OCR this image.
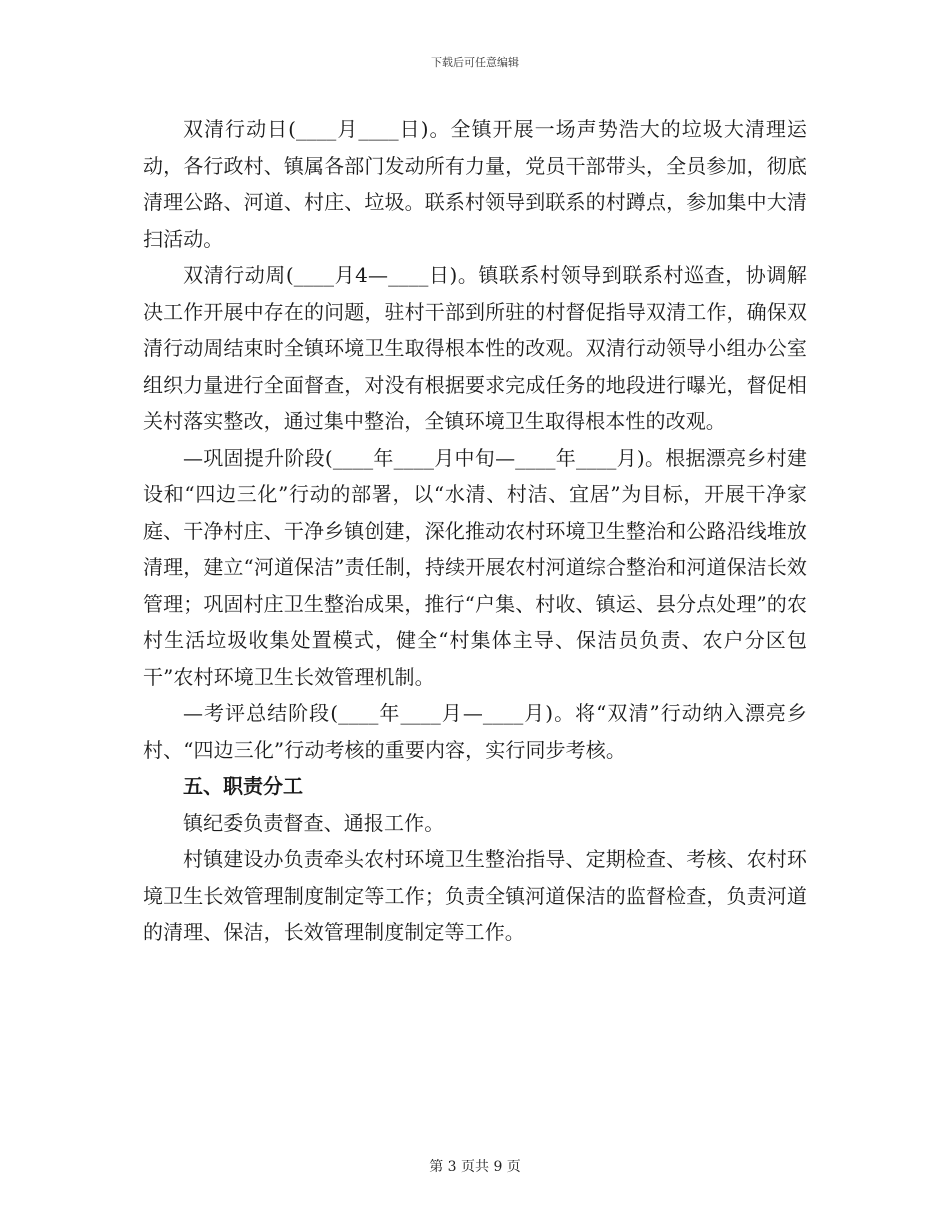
下载后可任意编辑

双清行动日(____月____日)。全镇开展一场声势浩大的垃圾大清理运动，各行政村、镇属各部门发动所有力量，党员干部带头，全员参加，彻底清理公路、河道、村庄、垃圾。联系村领导到联系的村蹲点，参加集中大清扫活动。

双清行动周(____月4—____日)。镇联系村领导到联系村巡查，协调解决工作开展中存在的问题，驻村干部到所驻的村督促指导双清工作，确保双清行动周结束时全镇环境卫生取得根本性的改观。双清行动领导小组办公室组织力量进行全面督查，对没有根据要求完成任务的地段进行曝光，督促相关村落实整改，通过集中整治，全镇环境卫生取得根本性的改观。

—巩固提升阶段(____年____月中旬—____年____月)。根据漂亮乡村建设和“四边三化”行动的部署，以“水清、村洁、宜居”为目标，开展干净家庭、干净村庄、干净乡镇创建，深化推动农村环境卫生整治和公路沿线堆放清理，建立“河道保洁”责任制，持续开展农村河道综合整治和河道保洁长效管理；巩固村庄卫生整治成果，推行“户集、村收、镇运、县分点处理”的农村生活垃圾收集处置模式，健全“村集体主导、保洁员负责、农户分区包干”农村环境卫生长效管理机制。

—考评总结阶段(____年____月—____月)。将“双清”行动纳入漂亮乡村、“四边三化”行动考核的重要内容，实行同步考核。

五、职责分工

镇纪委负责督查、通报工作。

村镇建设办负责牵头农村环境卫生整治指导、定期检查、考核、农村环境卫生长效管理制度制定等工作；负责全镇河道保洁的监督检查，负责河道的清理、保洁，长效管理制度制定等工作。

第 3 页共 9 页
